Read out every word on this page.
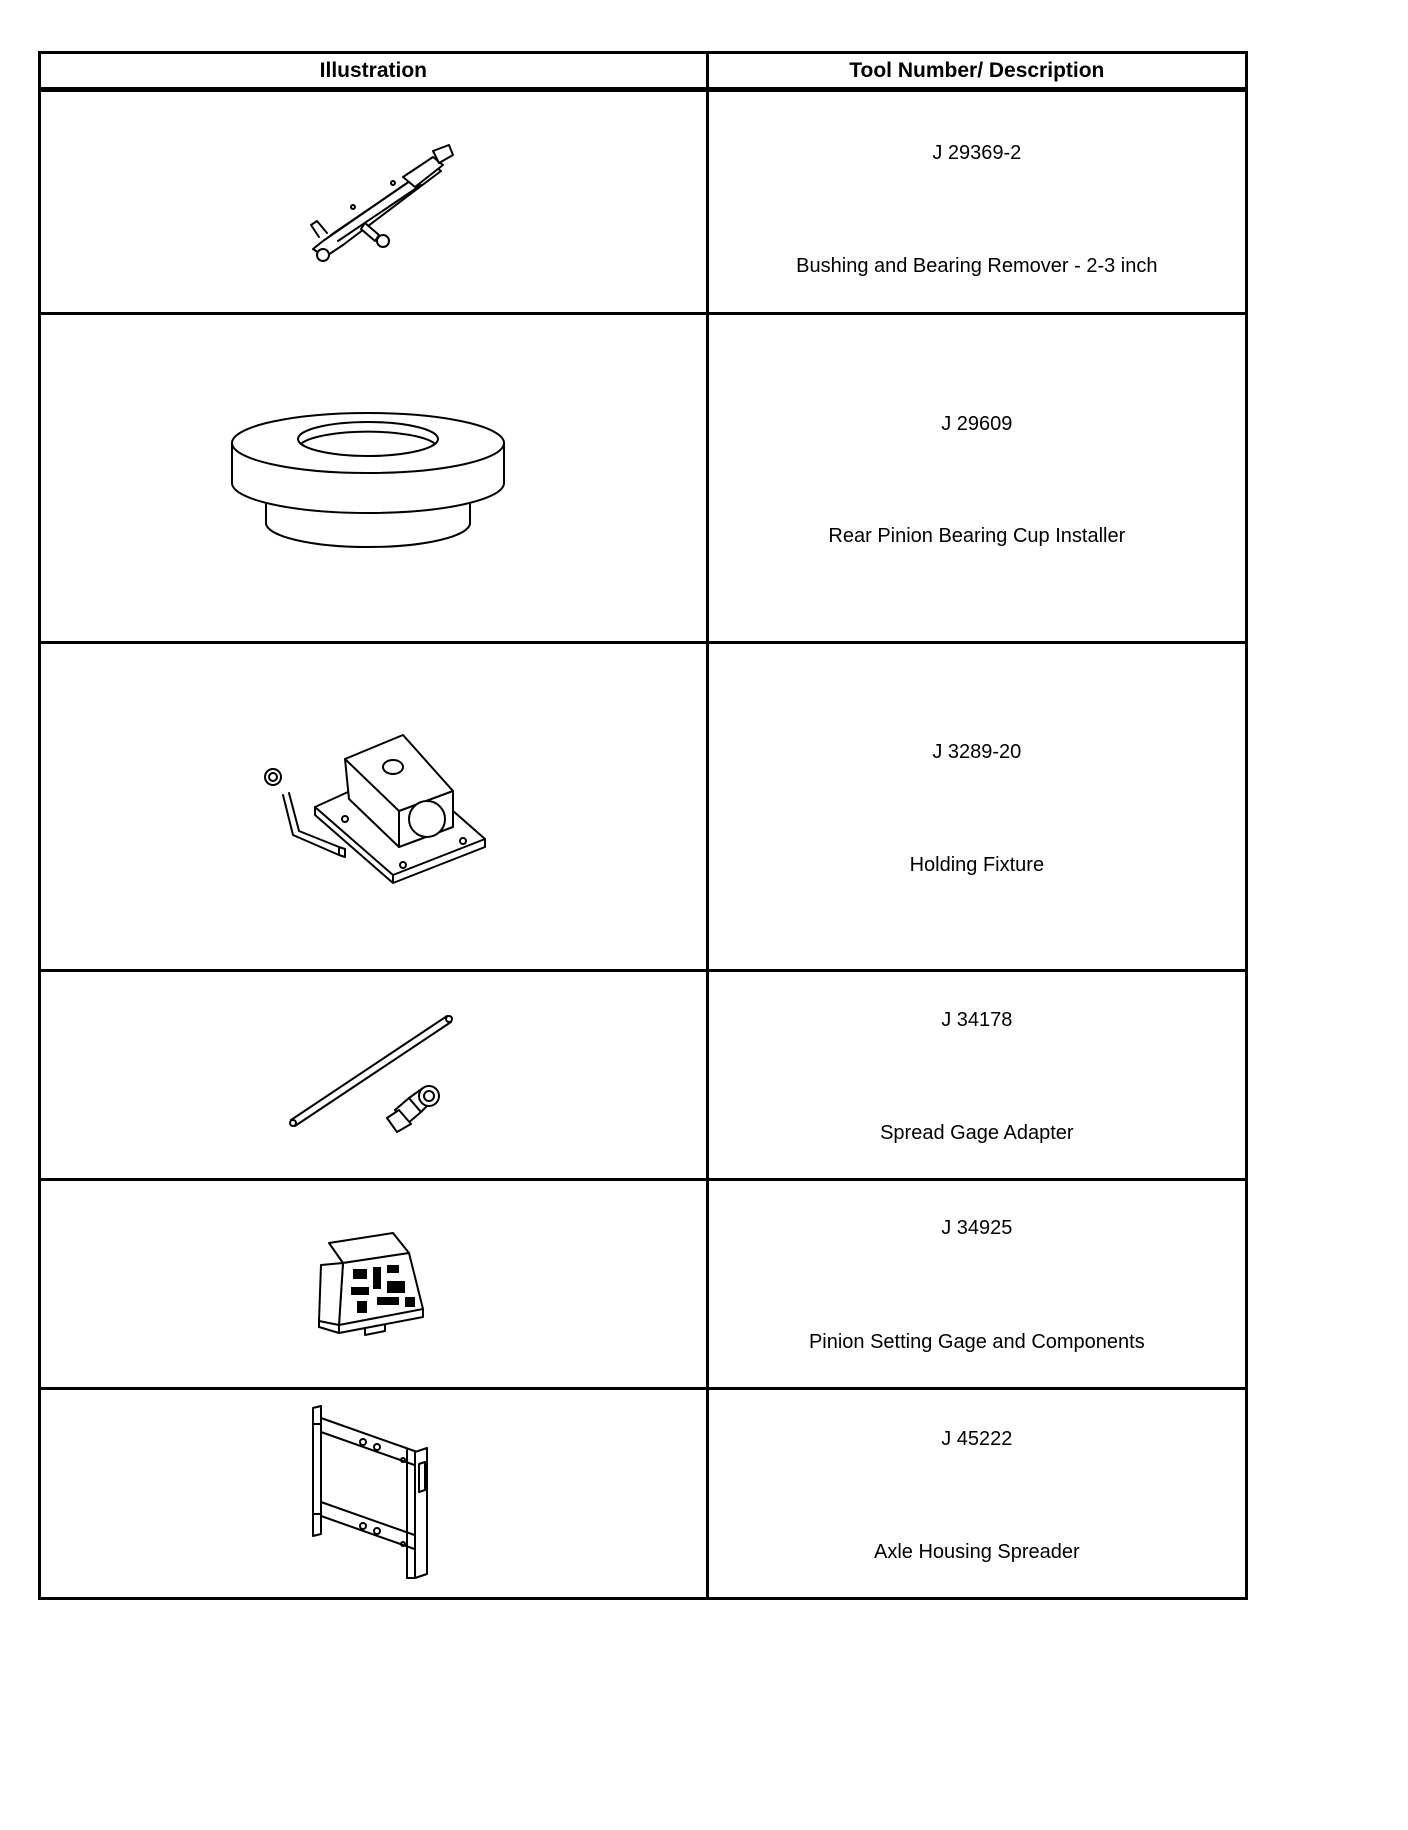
Illustration	Tool Number/ Description

J 29369-2
Bushing and Bearing Remover - 2-3 inch

J 29609
Rear Pinion Bearing Cup Installer

J 3289-20
Holding Fixture

J 34178
Spread Gage Adapter

J 34925
Pinion Setting Gage and Components

J 45222
Axle Housing Spreader
